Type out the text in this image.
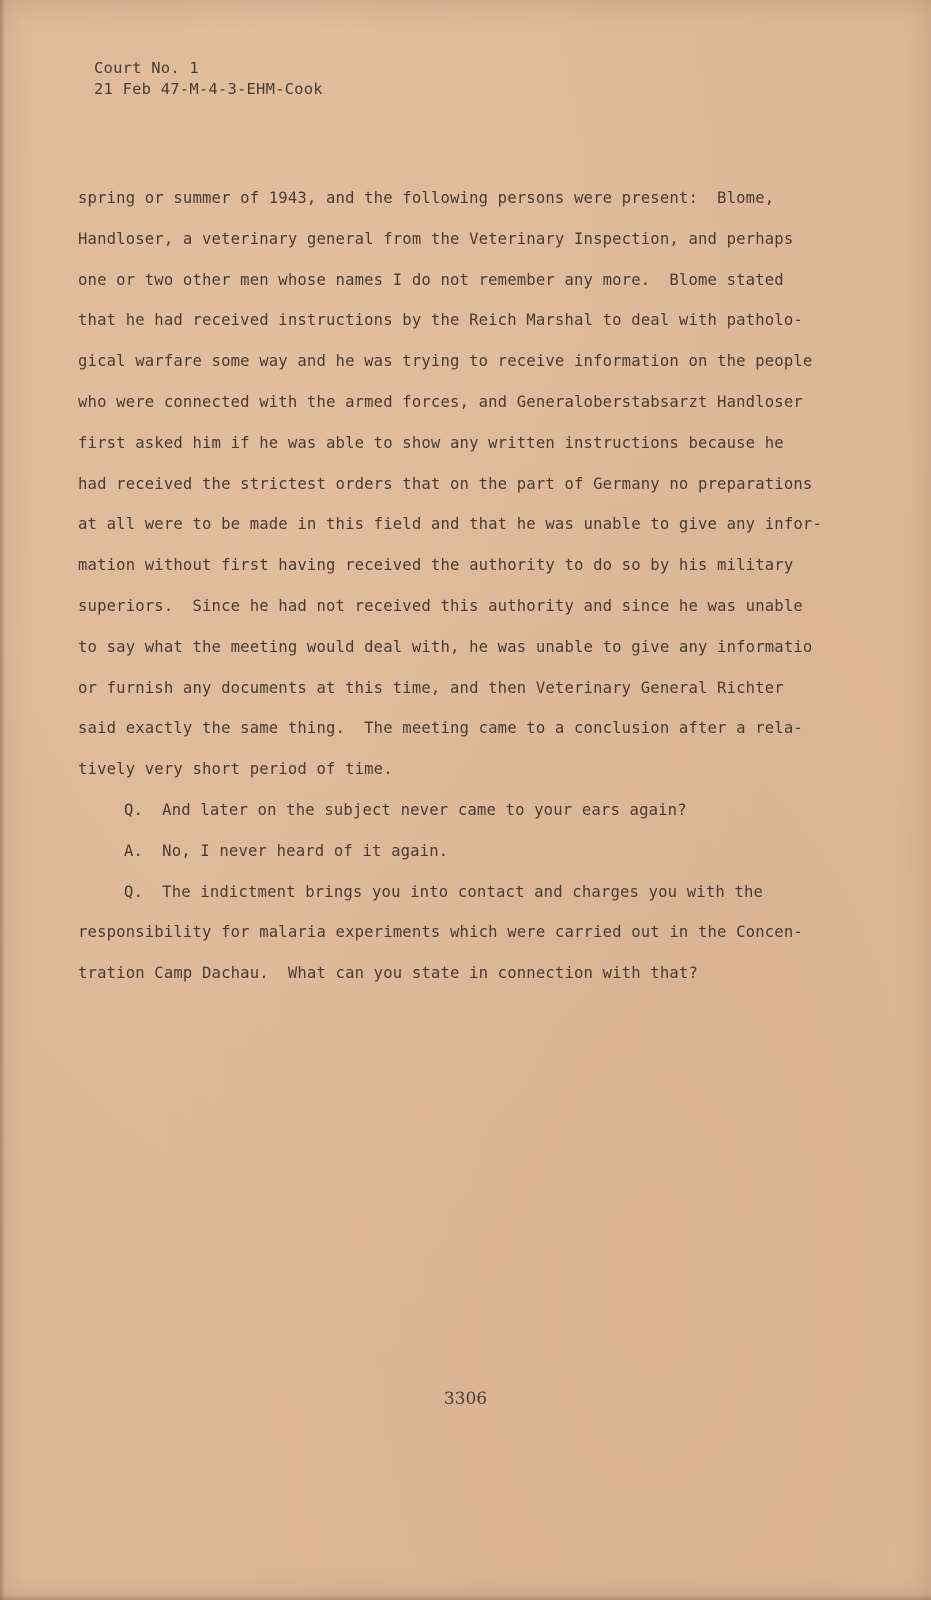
Court No. 1
21 Feb 47-M-4-3-EHM-Cook
spring or summer of 1943, and the following persons were present:  Blome,
Handloser, a veterinary general from the Veterinary Inspection, and perhaps
one or two other men whose names I do not remember any more.  Blome stated
that he had received instructions by the Reich Marshal to deal with patholo-
gical warfare some way and he was trying to receive information on the people
who were connected with the armed forces, and Generaloberstabsarzt Handloser
first asked him if he was able to show any written instructions because he
had received the strictest orders that on the part of Germany no preparations
at all were to be made in this field and that he was unable to give any infor-
mation without first having received the authority to do so by his military
superiors.  Since he had not received this authority and since he was unable
to say what the meeting would deal with, he was unable to give any informatio
or furnish any documents at this time, and then Veterinary General Richter
said exactly the same thing.  The meeting came to a conclusion after a rela-
tively very short period of time.
Q.  And later on the subject never came to your ears again?
A.  No, I never heard of it again.
Q.  The indictment brings you into contact and charges you with the
responsibility for malaria experiments which were carried out in the Concen-
tration Camp Dachau.  What can you state in connection with that?
3306
